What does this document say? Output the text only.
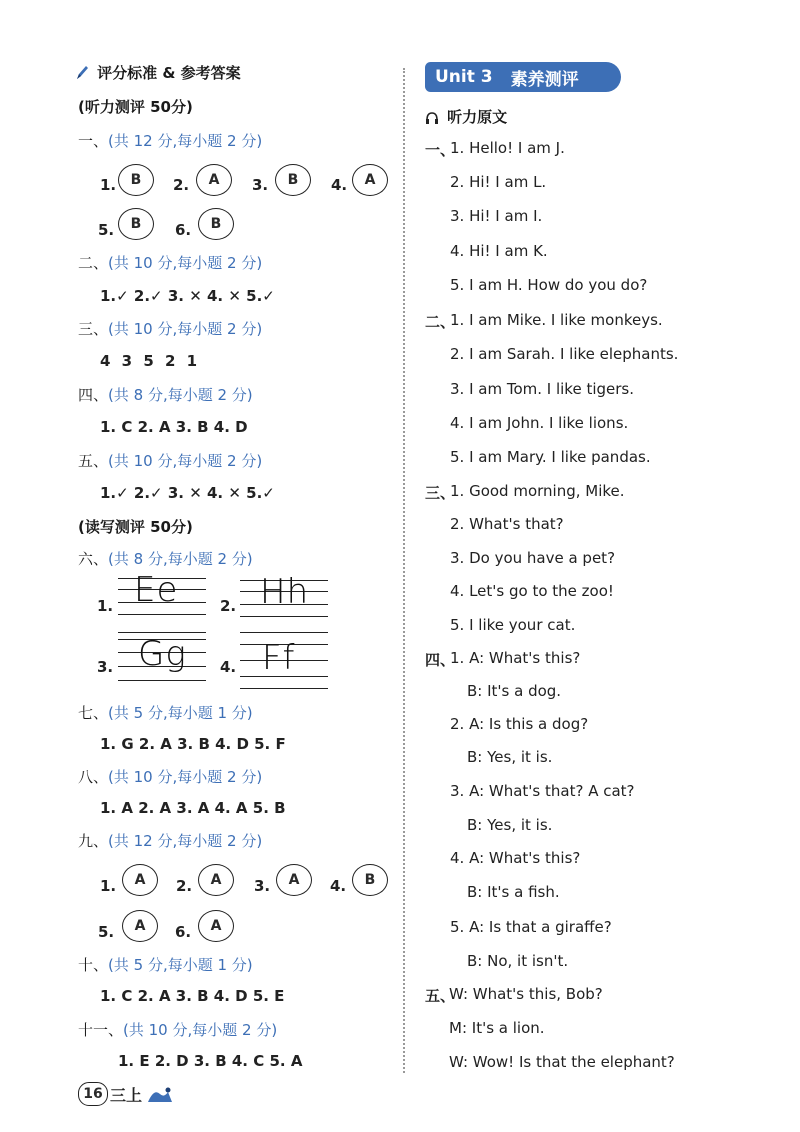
评分标准 & 参考答案
(听力测评 50分)
一、(共 12 分,每小题 2 分)
1.	B	2.	A	3.	B	4.	A
5.	B	6.	B
二、(共 10 分,每小题 2 分)
1.✓ 2.✓ 3. ✕ 4. ✕ 5.✓
三、(共 10 分,每小题 2 分)
4 3 5 2 1
四、(共 8 分,每小题 2 分)
1. C 2. A 3. B 4. D
五、(共 10 分,每小题 2 分)
1.✓ 2.✓ 3. ✕ 4. ✕ 5.✓
(读写测评 50分)
六、(共 8 分,每小题 2 分)
1. Ee	2. Hh
3. Gg 4. Ff
七、(共 5 分,每小题 1 分)
1. G 2. A 3. B 4. D 5. F
八、(共 10 分,每小题 2 分)
1. A 2. A 3. A 4. A 5. B
九、(共 12 分,每小题 2 分)
1.	A	2.	A	3.	A	4.	B
5.	A	6.	A
十、(共 5 分,每小题 1 分)
1. C 2. A 3. B 4. D 5. E
十一、(共 10 分,每小题 2 分)
1. E 2. D 3. B 4. C 5. A
16 三上
Unit 3 素养测评
听力原文
一、
1. Hello! I am J.
2. Hi! I am L.
3. Hi! I am I.
4. Hi! I am K.
5. I am H. How do you do?
二、
1. I am Mike. I like monkeys.
2. I am Sarah. I like elephants.
3. I am Tom. I like tigers.
4. I am John. I like lions.
5. I am Mary. I like pandas.
三、
1. Good morning, Mike.
2. What's that?
3. Do you have a pet?
4. Let's go to the zoo!
5. I like your cat.
四、
1. A: What's this?
B: It's a dog.
2. A: Is this a dog?
B: Yes, it is.
3. A: What's that? A cat?
B: Yes, it is.
4. A: What's this?
B: It's a fish.
5. A: Is that a giraffe?
B: No, it isn't.
五、
W: What's this, Bob?
M: It's a lion.
W: Wow! Is that the elephant?
